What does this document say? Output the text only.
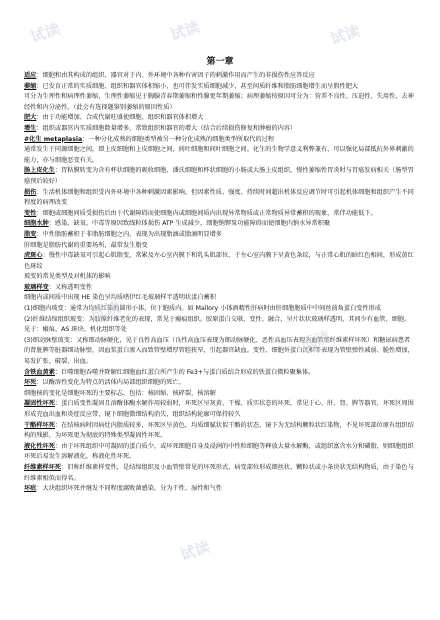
试读	试读	试读
试读
试读
试读
第一章

适应：细胞和由其构成的组织、器官对于内、外环境中各种有害因子的刺激作用而产生的非损伤性应答反应

萎缩：已发育正常的实质细胞、组织和器官体积缩小，也可伴发实质细胞减少，甚至间质纤维和脂肪细胞增生而呈假性肥大

可分为生理性和病理性萎缩，生理性萎缩见于胸腺青春期萎缩和性腺更年期萎缩；病理萎缩按原因可分为：营养不良性、压迫性、失用性、去神经性和内分泌性。（此会有选择题鉴别萎缩的原因性质）

肥大：由于功能增加、合成代谢旺盛使细胞、组织和器官体积增大

增生：组织或器官内实质细胞数量增多，常致组织和器官的增大（结合后续损伤修复和肿瘤的内容）

#化生 metaplasia：一种分化成熟的细胞类型被另一种分化成熟的细胞类型所取代的过程

通常发生于同源细胞之间，即上皮细胞和上皮细胞之间，间叶细胞和间叶细胞之间。化生的生物学意义利弊兼有，可以强化局部抵抗外界刺激的能力，亦与细胞恶变有关。

肠上皮化生：胃粘膜转变为含有杯状细胞的吸收细胞、潘氏细胞和杯状细胞的小肠或大肠上皮组织，慢性萎缩性胃炎时与胃癌发病相关（肠型胃癌预后较好）

损伤：生活机体细胞和组织受内外环境中各种刺激因素影响，但因素性质、强度、持续时间超出机体反应调节时可引起机体细胞和组织产生不同程度的病理改变

变性：细胞或细胞间质受损伤后由于代谢障碍而使细胞内或细胞间质内出现异常物质或正常物质异常蓄积的现象，常伴功能低下。

细胞水肿：感染、缺氧、中毒等原因致线粒体损伤 ATP 生成减少，细胞钠钾泵功能障碍而使细胞内钠水异常积聚

脂变：中性脂肪蓄积于非脂肪细胞之内，表现为出现脂滴或脂滴明显增多

肝细胞是脂肪代谢的重要场所，最常发生脂变

虎斑心：慢性中毒缺氧可引起心肌脂变，常累及左心室内膜下和乳头肌部位，于左心室内膜下呈黄色条纹，与正常心肌的暗红色相间，形成黄红色斑纹

玻变的常见类型及对机体的影响

玻璃样变：又称透明变性

细胞内或间质中出现 HE 染色呈均质嗜伊红毛玻璃样半透明状蛋白蓄积

(1)细胞内玻变：通常为均质红染的圆形小体，位于胞质内。如 Mallory 小体酒精性肝病时由肝细胞胞质中中间丝前角蛋白变性形成

(2)纤维结缔组织玻变：为胶原纤维老化的表现，常见于瘢痕组织。胶原蛋白交联、变性、融合，呈片状状玻璃样透明，其间少有血管、细胞。见于：瘢痕、AS 斑块、机化组织等处

(3)细动脉壁玻变：又称细动脉硬化，见于良性高血压（良性高血压表现为细动脉硬化、恶性高血压表现为血管壁纤维素样坏死）和糖尿病患者的肾脏脾等脏器细动脉壁，因血浆蛋白渗入而致管壁增厚管腔狭窄，引起器官缺血。变性、细胞外蛋白沉积等表现为管壁弹性减弱、脆性增加，易发扩张、破裂、出血。

含铁血黄素：巨噬细胞吞噬并降解红细胞血红蛋白所产生的 Fe3+与蛋白质结合形成的铁蛋白微粒聚集体。

坏死：以酶溶性变化为特点的活体内局部组织细胞的死亡。

细胞核的变化是细胞坏死的主要标志，包括：核固缩、核碎裂、核溶解

凝固性坏死：蛋白质变性凝固且溶酶体酶水解作用较弱时，坏死区呈灰黄、干燥、质实状态的坏死，常见于心、肝、肾、脾等器官，坏死区周围形成充血出血和炎症反应带，镜下细胞微细结构消失，组织结构轮廓可保持较久

干酪样坏死：在结核病时因病灶内脂质较多，坏死区呈黄色，均质细腻状似干酪的状态，镜下为无结构颗粒状红染物，不见坏死部位原有组织结构的残影，为坏死更为彻底的特殊类型凝固性坏死。

液化性坏死：由于坏死组织中可凝固的蛋白质少，或坏死细胞自身及浸润的中性粒细胞等释放大量水解酶，或组织富含水分和磷脂，则细胞组织坏死后易发生溶解液化，称液化性坏死。

纤维素样坏死：旧称纤维素样变性，是结缔组织及小血管壁常见的坏死形式，病变部位形成细丝状、颗粒状或小条块状无结构物质，由于染色与纤维素相似而得名。

坏疽：大块组织坏死并继发不同程度腐败菌感染，分为干性、湿性和气性
